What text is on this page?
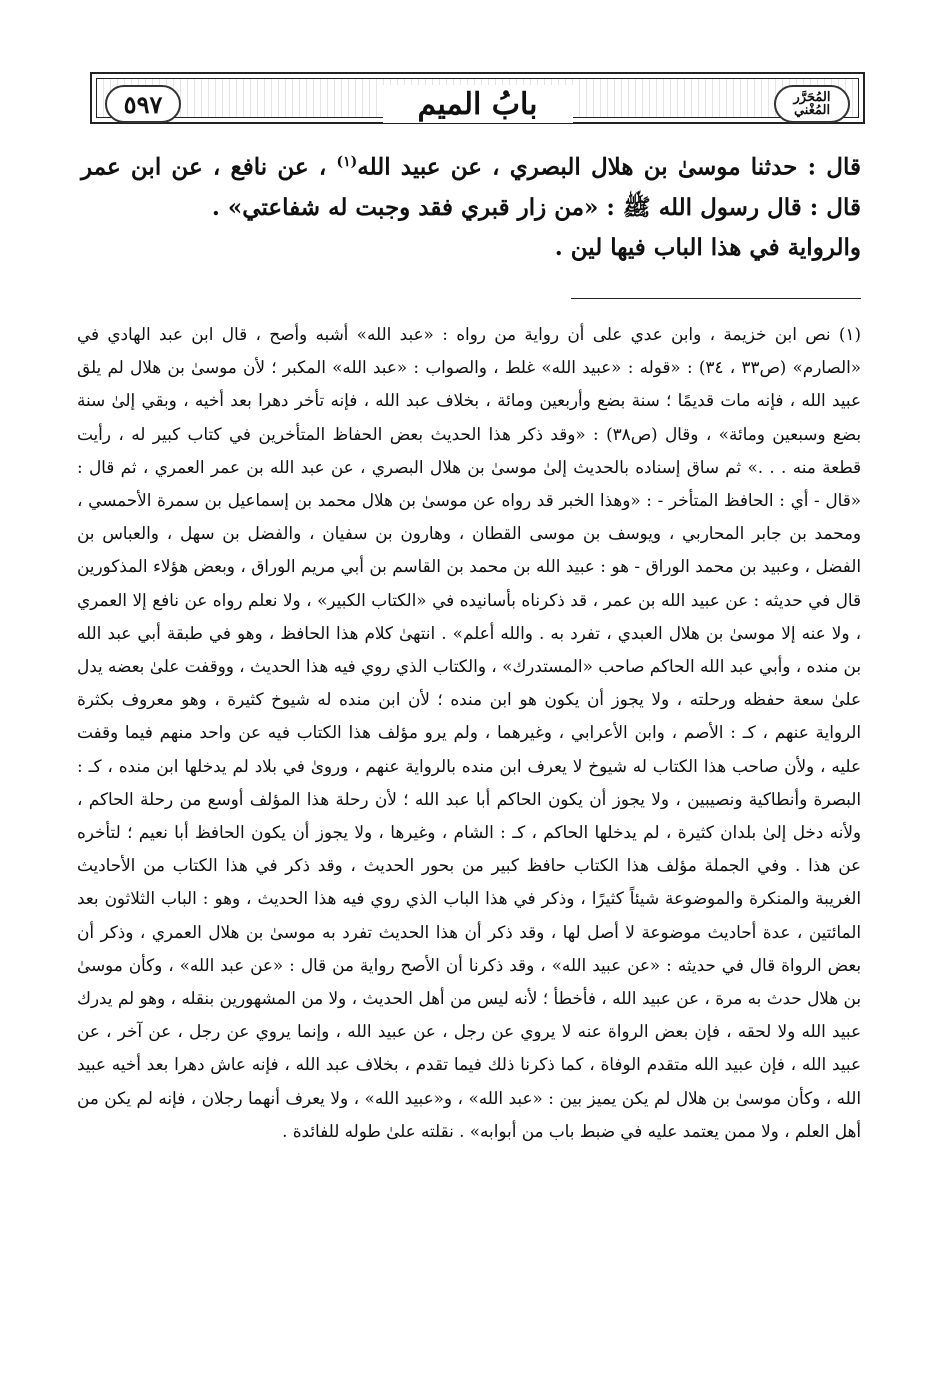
المُحَرَّر
المُغْني
بابُ الميم
٥٩٧

قال : حدثنا موسىٰ بن هلال البصري ، عن عبيد الله$^{(١)}$ ، عن نافع ، عن ابن عمر قال : قال رسول الله ﷺ : «من زار قبري فقد وجبت له شفاعتي» .

والرواية في هذا الباب فيها لين .

(١) نص ابن خزيمة ، وابن عدي على أن رواية من رواه : «عبد الله» أشبه وأصح ، قال ابن عبد الهادي في «الصارم» (ص٣٣ ، ٣٤) : «قوله : «عبيد الله» غلط ، والصواب : «عبد الله» المكبر ؛ لأن موسىٰ بن هلال لم يلق عبيد الله ، فإنه مات قديمًا ؛ سنة بضع وأربعين ومائة ، بخلاف عبد الله ، فإنه تأخر دهرا بعد أخيه ، وبقي إلىٰ سنة بضع وسبعين ومائة» ، وقال (ص٣٨) : «وقد ذكر هذا الحديث بعض الحفاظ المتأخرين في كتاب كبير له ، رأيت قطعة منه . . .» ثم ساق إسناده بالحديث إلىٰ موسىٰ بن هلال البصري ، عن عبد الله بن عمر العمري ، ثم قال : «قال - أي : الحافظ المتأخر - : «وهذا الخبر قد رواه عن موسىٰ بن هلال محمد بن إسماعيل بن سمرة الأحمسي ، ومحمد بن جابر المحاربي ، ويوسف بن موسى القطان ، وهارون بن سفيان ، والفضل بن سهل ، والعباس بن الفضل ، وعبيد بن محمد الوراق - هو : عبيد الله بن محمد بن القاسم بن أبي مريم الوراق ، وبعض هؤلاء المذكورين قال في حديثه : عن عبيد الله بن عمر ، قد ذكرناه بأسانيده في «الكتاب الكبير» ، ولا نعلم رواه عن نافع إلا العمري ، ولا عنه إلا موسىٰ بن هلال العبدي ، تفرد به . والله أعلم» . انتهىٰ كلام هذا الحافظ ، وهو في طبقة أبي عبد الله بن منده ، وأبي عبد الله الحاكم صاحب «المستدرك» ، والكتاب الذي روي فيه هذا الحديث ، ووقفت علىٰ بعضه يدل علىٰ سعة حفظه ورحلته ، ولا يجوز أن يكون هو ابن منده ؛ لأن ابن منده له شيوخ كثيرة ، وهو معروف بكثرة الرواية عنهم ، كـ : الأصم ، وابن الأعرابي ، وغيرهما ، ولم يرو مؤلف هذا الكتاب فيه عن واحد منهم فيما وقفت عليه ، ولأن صاحب هذا الكتاب له شيوخ لا يعرف ابن منده بالرواية عنهم ، وروىٰ في بلاد لم يدخلها ابن منده ، كـ : البصرة وأنطاكية ونصيبين ، ولا يجوز أن يكون الحاكم أبا عبد الله ؛ لأن رحلة هذا المؤلف أوسع من رحلة الحاكم ، ولأنه دخل إلىٰ بلدان كثيرة ، لم يدخلها الحاكم ، كـ : الشام ، وغيرها ، ولا يجوز أن يكون الحافظ أبا نعيم ؛ لتأخره عن هذا . وفي الجملة مؤلف هذا الكتاب حافظ كبير من بحور الحديث ، وقد ذكر في هذا الكتاب من الأحاديث الغريبة والمنكرة والموضوعة شيئاً كثيرًا ، وذكر في هذا الباب الذي روي فيه هذا الحديث ، وهو : الباب الثلاثون بعد المائتين ، عدة أحاديث موضوعة لا أصل لها ، وقد ذكر أن هذا الحديث تفرد به موسىٰ بن هلال العمري ، وذكر أن بعض الرواة قال في حديثه : «عن عبيد الله» ، وقد ذكرنا أن الأصح رواية من قال : «عن عبد الله» ، وكأن موسىٰ بن هلال حدث به مرة ، عن عبيد الله ، فأخطأ ؛ لأنه ليس من أهل الحديث ، ولا من المشهورين بنقله ، وهو لم يدرك عبيد الله ولا لحقه ، فإن بعض الرواة عنه لا يروي عن رجل ، عن عبيد الله ، وإنما يروي عن رجل ، عن آخر ، عن عبيد الله ، فإن عبيد الله متقدم الوفاة ، كما ذكرنا ذلك فيما تقدم ، بخلاف عبد الله ، فإنه عاش دهرا بعد أخيه عبيد الله ، وكأن موسىٰ بن هلال لم يكن يميز بين : «عبد الله» ، و«عبيد الله» ، ولا يعرف أنهما رجلان ، فإنه لم يكن من أهل العلم ، ولا ممن يعتمد عليه في ضبط باب من أبوابه» . نقلته علىٰ طوله للفائدة .
